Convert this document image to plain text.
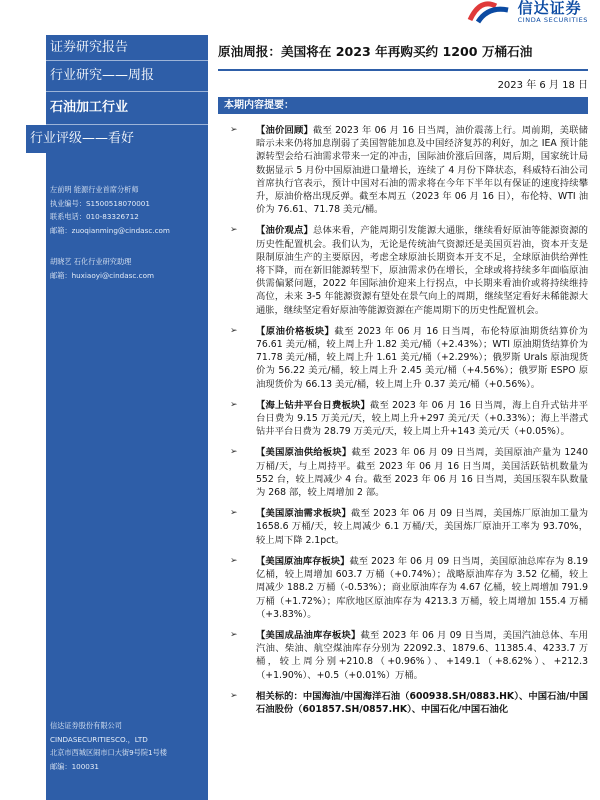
信达证券
CINDA SECURITIES
证券研究报告
行业研究——周报
石油加工行业
行业评级——看好
左前明 能源行业首席分析师
执业编号：S1500518070001
联系电话：010-83326712
邮箱：zuoqianming@cindasc.com
胡晓艺 石化行业研究助理
邮箱：huxiaoyi@cindasc.com
信达证券股份有限公司
CINDASECURITIESCO.，LTD
北京市西城区闹市口大街9号院1号楼
邮编：100031
原油周报：美国将在 2023 年再购买约 1200 万桶石油
2023 年 6 月 18 日
本期内容提要：
➢ 【油价回顾】截至 2023 年 06 月 16 日当周，油价震荡上行。周前期，美联储暗示未来仍将加息削弱了美国智能加息及中国经济复苏的利好，加之 IEA 预计能源转型会给石油需求带来一定的冲击，国际油价涨后回落，周后期，国家统计局数据显示 5 月份中国原油进口量增长，连续了 4 月份下降状态，科威特石油公司首席执行官表示，预计中国对石油的需求将在今年下半年以有保证的速度持续攀升，原油价格出现反弹。截至本周五（2023 年 06 月 16 日），布伦特、WTI 油价为 76.61、71.78 美元/桶。
➢ 【油价观点】总体来看，产能周期引发能源大通胀，继续看好原油等能源资源的历史性配置机会。我们认为，无论是传统油气资源还是美国页岩油，资本开支是限制原油生产的主要原因，考虑全球原油长期资本开支不足，全球原油供给弹性将下降，而在新旧能源转型下，原油需求仍在增长，全球或将持续多年面临原油供需偏紧问题，2022 年国际油价迎来上行拐点，中长期来看油价或将持续维持高位，未来 3-5 年能源资源有望处在景气向上的周期，继续坚定看好未稀能源大通胀，继续坚定看好原油等能源资源在产能周期下的历史性配置机会。
➢ 【原油价格板块】截至 2023 年 06 月 16 日当周，布伦特原油期货结算价为 76.61 美元/桶，较上周上升 1.82 美元/桶（+2.43%）；WTI 原油期货结算价为 71.78 美元/桶，较上周上升 1.61 美元/桶（+2.29%）；俄罗斯 Urals 原油现货价为 56.22 美元/桶，较上周上升 2.45 美元/桶（+4.56%）；俄罗斯 ESPO 原油现货价为 66.13 美元/桶，较上周上升 0.37 美元/桶（+0.56%）。
➢ 【海上钻井平台日费板块】截至 2023 年 06 月 16 日当周，海上自升式钻井平台日费为 9.15 万美元/天，较上周上升+297 美元/天（+0.33%）；海上半潜式钻井平台日费为 28.79 万美元/天，较上周上升+143 美元/天（+0.05%）。
➢ 【美国原油供给板块】截至 2023 年 06 月 09 日当周，美国原油产量为 1240 万桶/天，与上周持平。截至 2023 年 06 月 16 日当周，美国活跃钻机数量为 552 台，较上周减少 4 台。截至 2023 年 06 月 16 日当周，美国压裂车队数量为 268 部，较上周增加 2 部。
➢ 【美国原油需求板块】截至 2023 年 06 月 09 日当周，美国炼厂原油加工量为 1658.6 万桶/天，较上周减少 6.1 万桶/天，美国炼厂原油开工率为 93.70%，较上周下降 2.1pct。
➢ 【美国原油库存板块】截至 2023 年 06 月 09 日当周，美国原油总库存为 8.19 亿桶，较上周增加 603.7 万桶（+0.74%）；战略原油库存为 3.52 亿桶，较上周减少 188.2 万桶（-0.53%）；商业原油库存为 4.67 亿桶，较上周增加 791.9 万桶（+1.72%）；库欣地区原油库存为 4213.3 万桶，较上周增加 155.4 万桶（+3.83%）。
➢ 【美国成品油库存板块】截至 2023 年 06 月 09 日当周，美国汽油总体、车用汽油、柴油、航空煤油库存分别为 22092.3、1879.6、11385.4、4233.7 万桶，较上周分别+210.8（+0.96%）、+149.1（+8.62%）、+212.3（+1.90%）、+0.5（+0.01%）万桶。
➢ 相关标的：中国海油/中国海洋石油（600938.SH/0883.HK）、中国石油/中国石油股份（601857.SH/0857.HK）、中国石化/中国石油化
